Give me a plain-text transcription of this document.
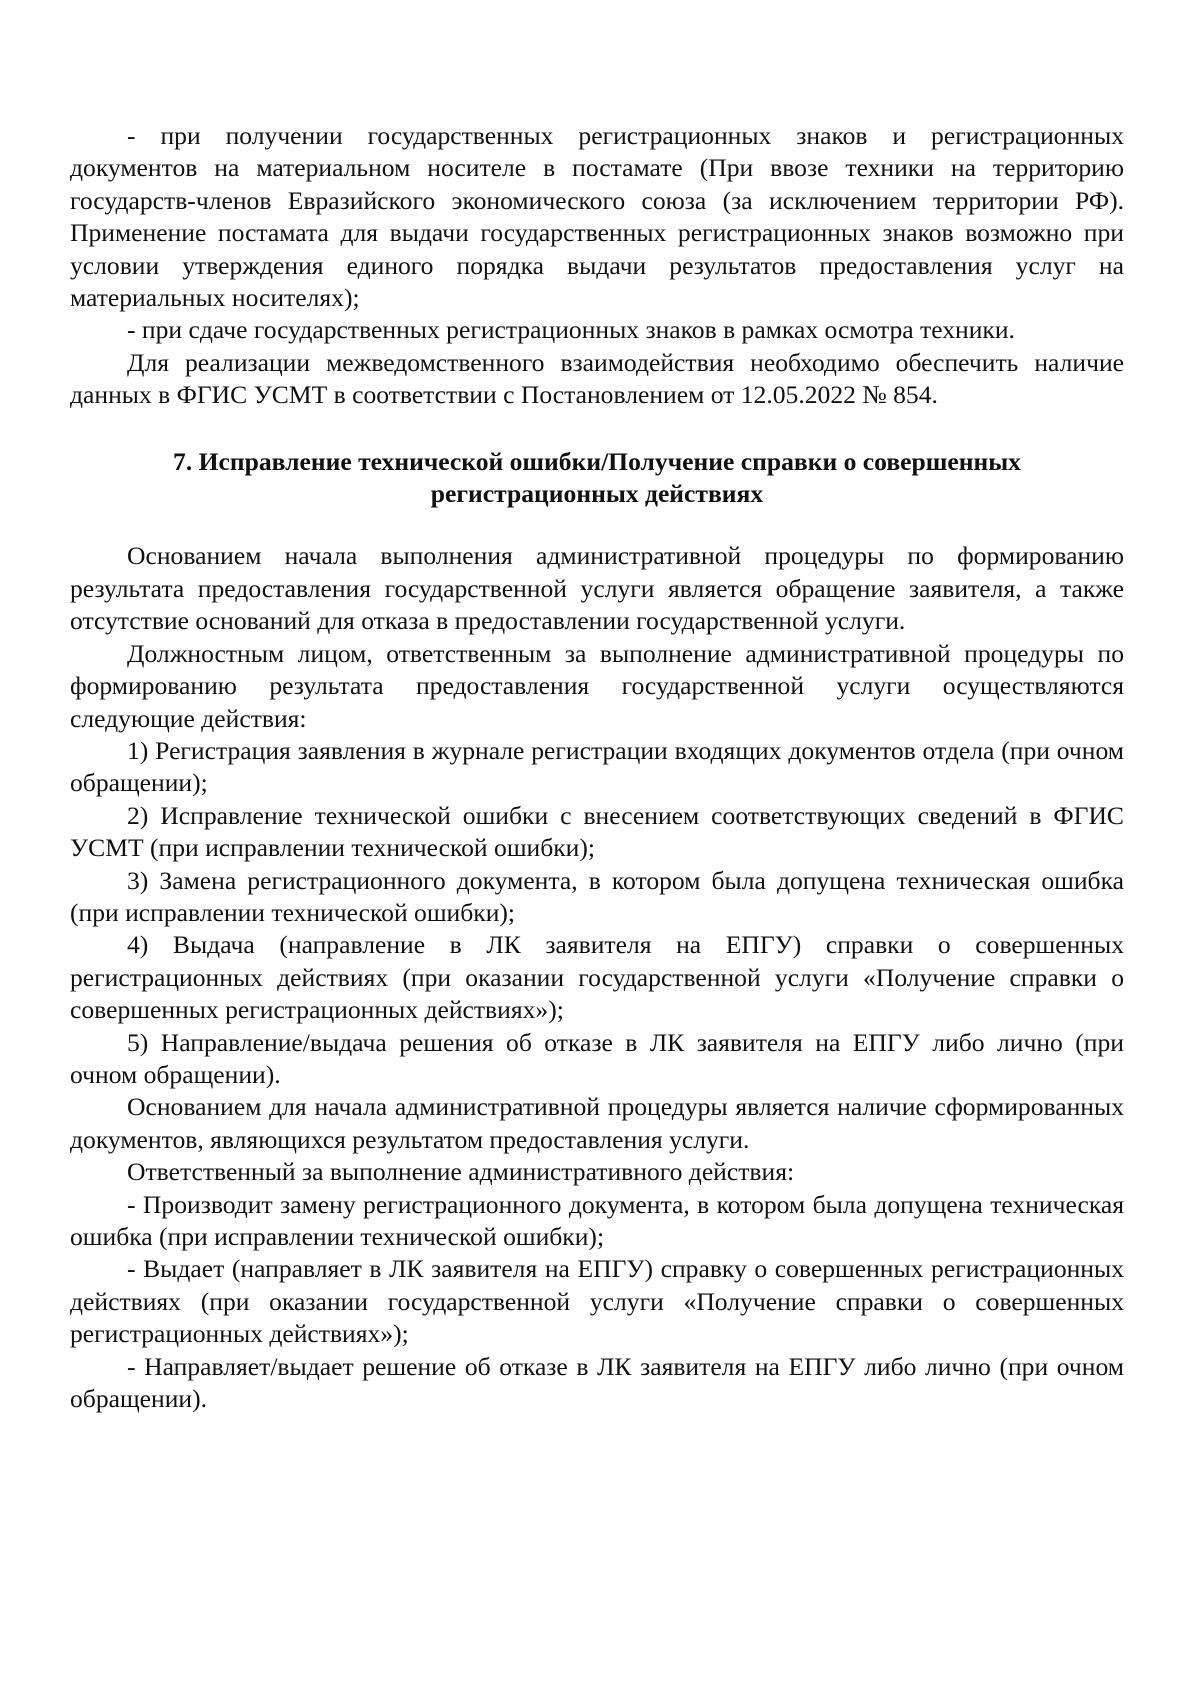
- при получении государственных регистрационных знаков и регистрационных документов на материальном носителе в постамате (При ввозе техники на территорию государств-членов Евразийского экономического союза (за исключением территории РФ). Применение постамата для выдачи государственных регистрационных знаков возможно при условии утверждения единого порядка выдачи результатов предоставления услуг на материальных носителях);

- при сдаче государственных регистрационных знаков в рамках осмотра техники.

Для реализации межведомственного взаимодействия необходимо обеспечить наличие данных в ФГИС УСМТ в соответствии с Постановлением от 12.05.2022 № 854.

7. Исправление технической ошибки/Получение справки о совершенных
регистрационных действиях

Основанием начала выполнения административной процедуры по формированию результата предоставления государственной услуги является обращение заявителя, а также отсутствие оснований для отказа в предоставлении государственной услуги.

Должностным лицом, ответственным за выполнение административной процедуры по формированию результата предоставления государственной услуги осуществляются следующие действия:

1) Регистрация заявления в журнале регистрации входящих документов отдела (при очном обращении);

2) Исправление технической ошибки с внесением соответствующих сведений в ФГИС УСМТ (при исправлении технической ошибки);

3) Замена регистрационного документа, в котором была допущена техническая ошибка (при исправлении технической ошибки);

4) Выдача (направление в ЛК заявителя на ЕПГУ) справки о совершенных регистрационных действиях (при оказании государственной услуги «Получение справки о совершенных регистрационных действиях»);

5) Направление/выдача решения об отказе в ЛК заявителя на ЕПГУ либо лично (при очном обращении).

Основанием для начала административной процедуры является наличие сформированных документов, являющихся результатом предоставления услуги.

Ответственный за выполнение административного действия:

- Производит замену регистрационного документа, в котором была допущена техническая ошибка (при исправлении технической ошибки);

- Выдает (направляет в ЛК заявителя на ЕПГУ) справку о совершенных регистрационных действиях (при оказании государственной услуги «Получение справки о совершенных регистрационных действиях»);

- Направляет/выдает решение об отказе в ЛК заявителя на ЕПГУ либо лично (при очном обращении).
